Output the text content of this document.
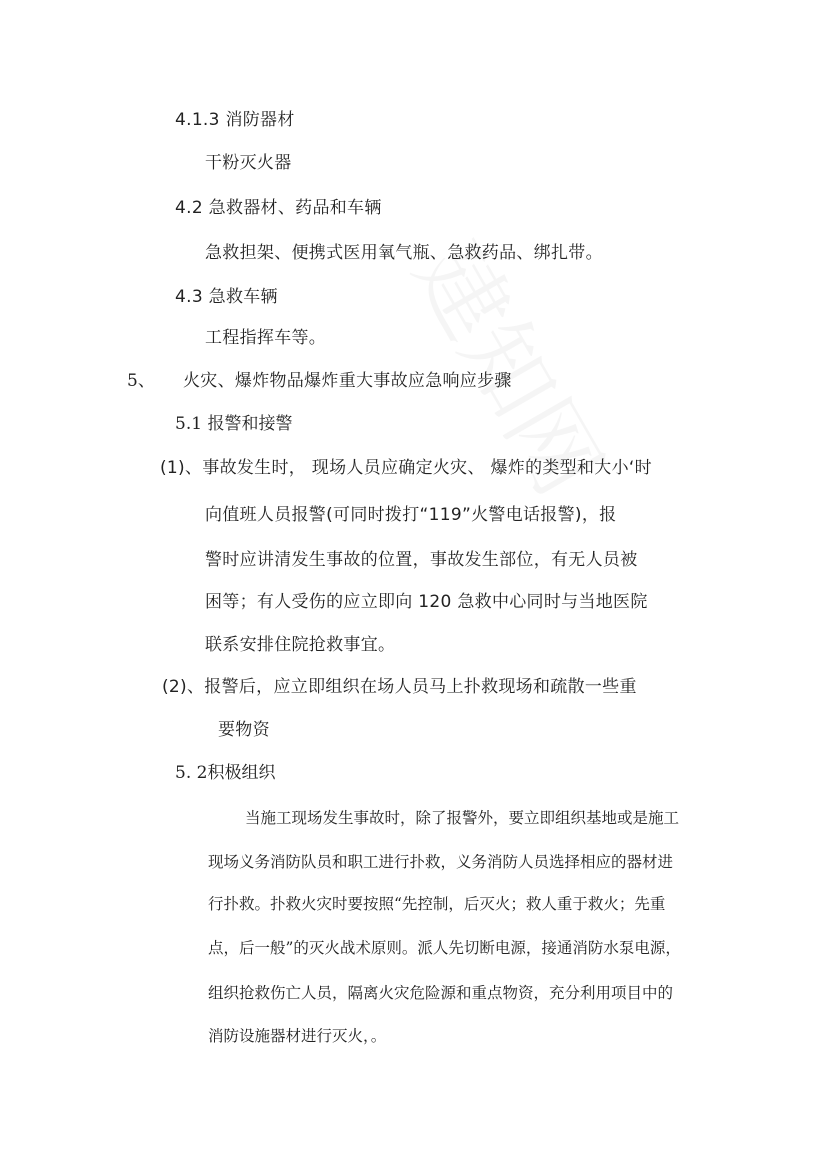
4.1.3 消防器材
干粉灭火器
4.2 急救器材、药品和车辆
急救担架、便携式医用氧气瓶、急救药品、绑扎带。
4.3 急救车辆
工程指挥车等。
5、 火灾、爆炸物品爆炸重大事故应急响应步骤
5.1 报警和接警
(1)、事故发生时， 现场人员应确定火灾、 爆炸的类型和大小‘时
向值班人员报警(可同时拨打“119”火警电话报警)，报
警时应讲清发生事故的位置，事故发生部位，有无人员被
困等；有人受伤的应立即向 120 急救中心同时与当地医院
联系安排住院抢救事宜。
(2)、报警后，应立即组织在场人员马上扑救现场和疏散一些重
要物资
5. 2积极组织
当施工现场发生事故时，除了报警外，要立即组织基地或是施工
现场义务消防队员和职工进行扑救，义务消防人员选择相应的器材进
行扑救。扑救火灾时要按照“先控制，后灭火；救人重于救火；先重
点，后一般”的灭火战术原则。派人先切断电源，接通消防水泵电源，
组织抢救伤亡人员，隔离火灾危险源和重点物资，充分利用项目中的
消防设施器材进行灭火，。
